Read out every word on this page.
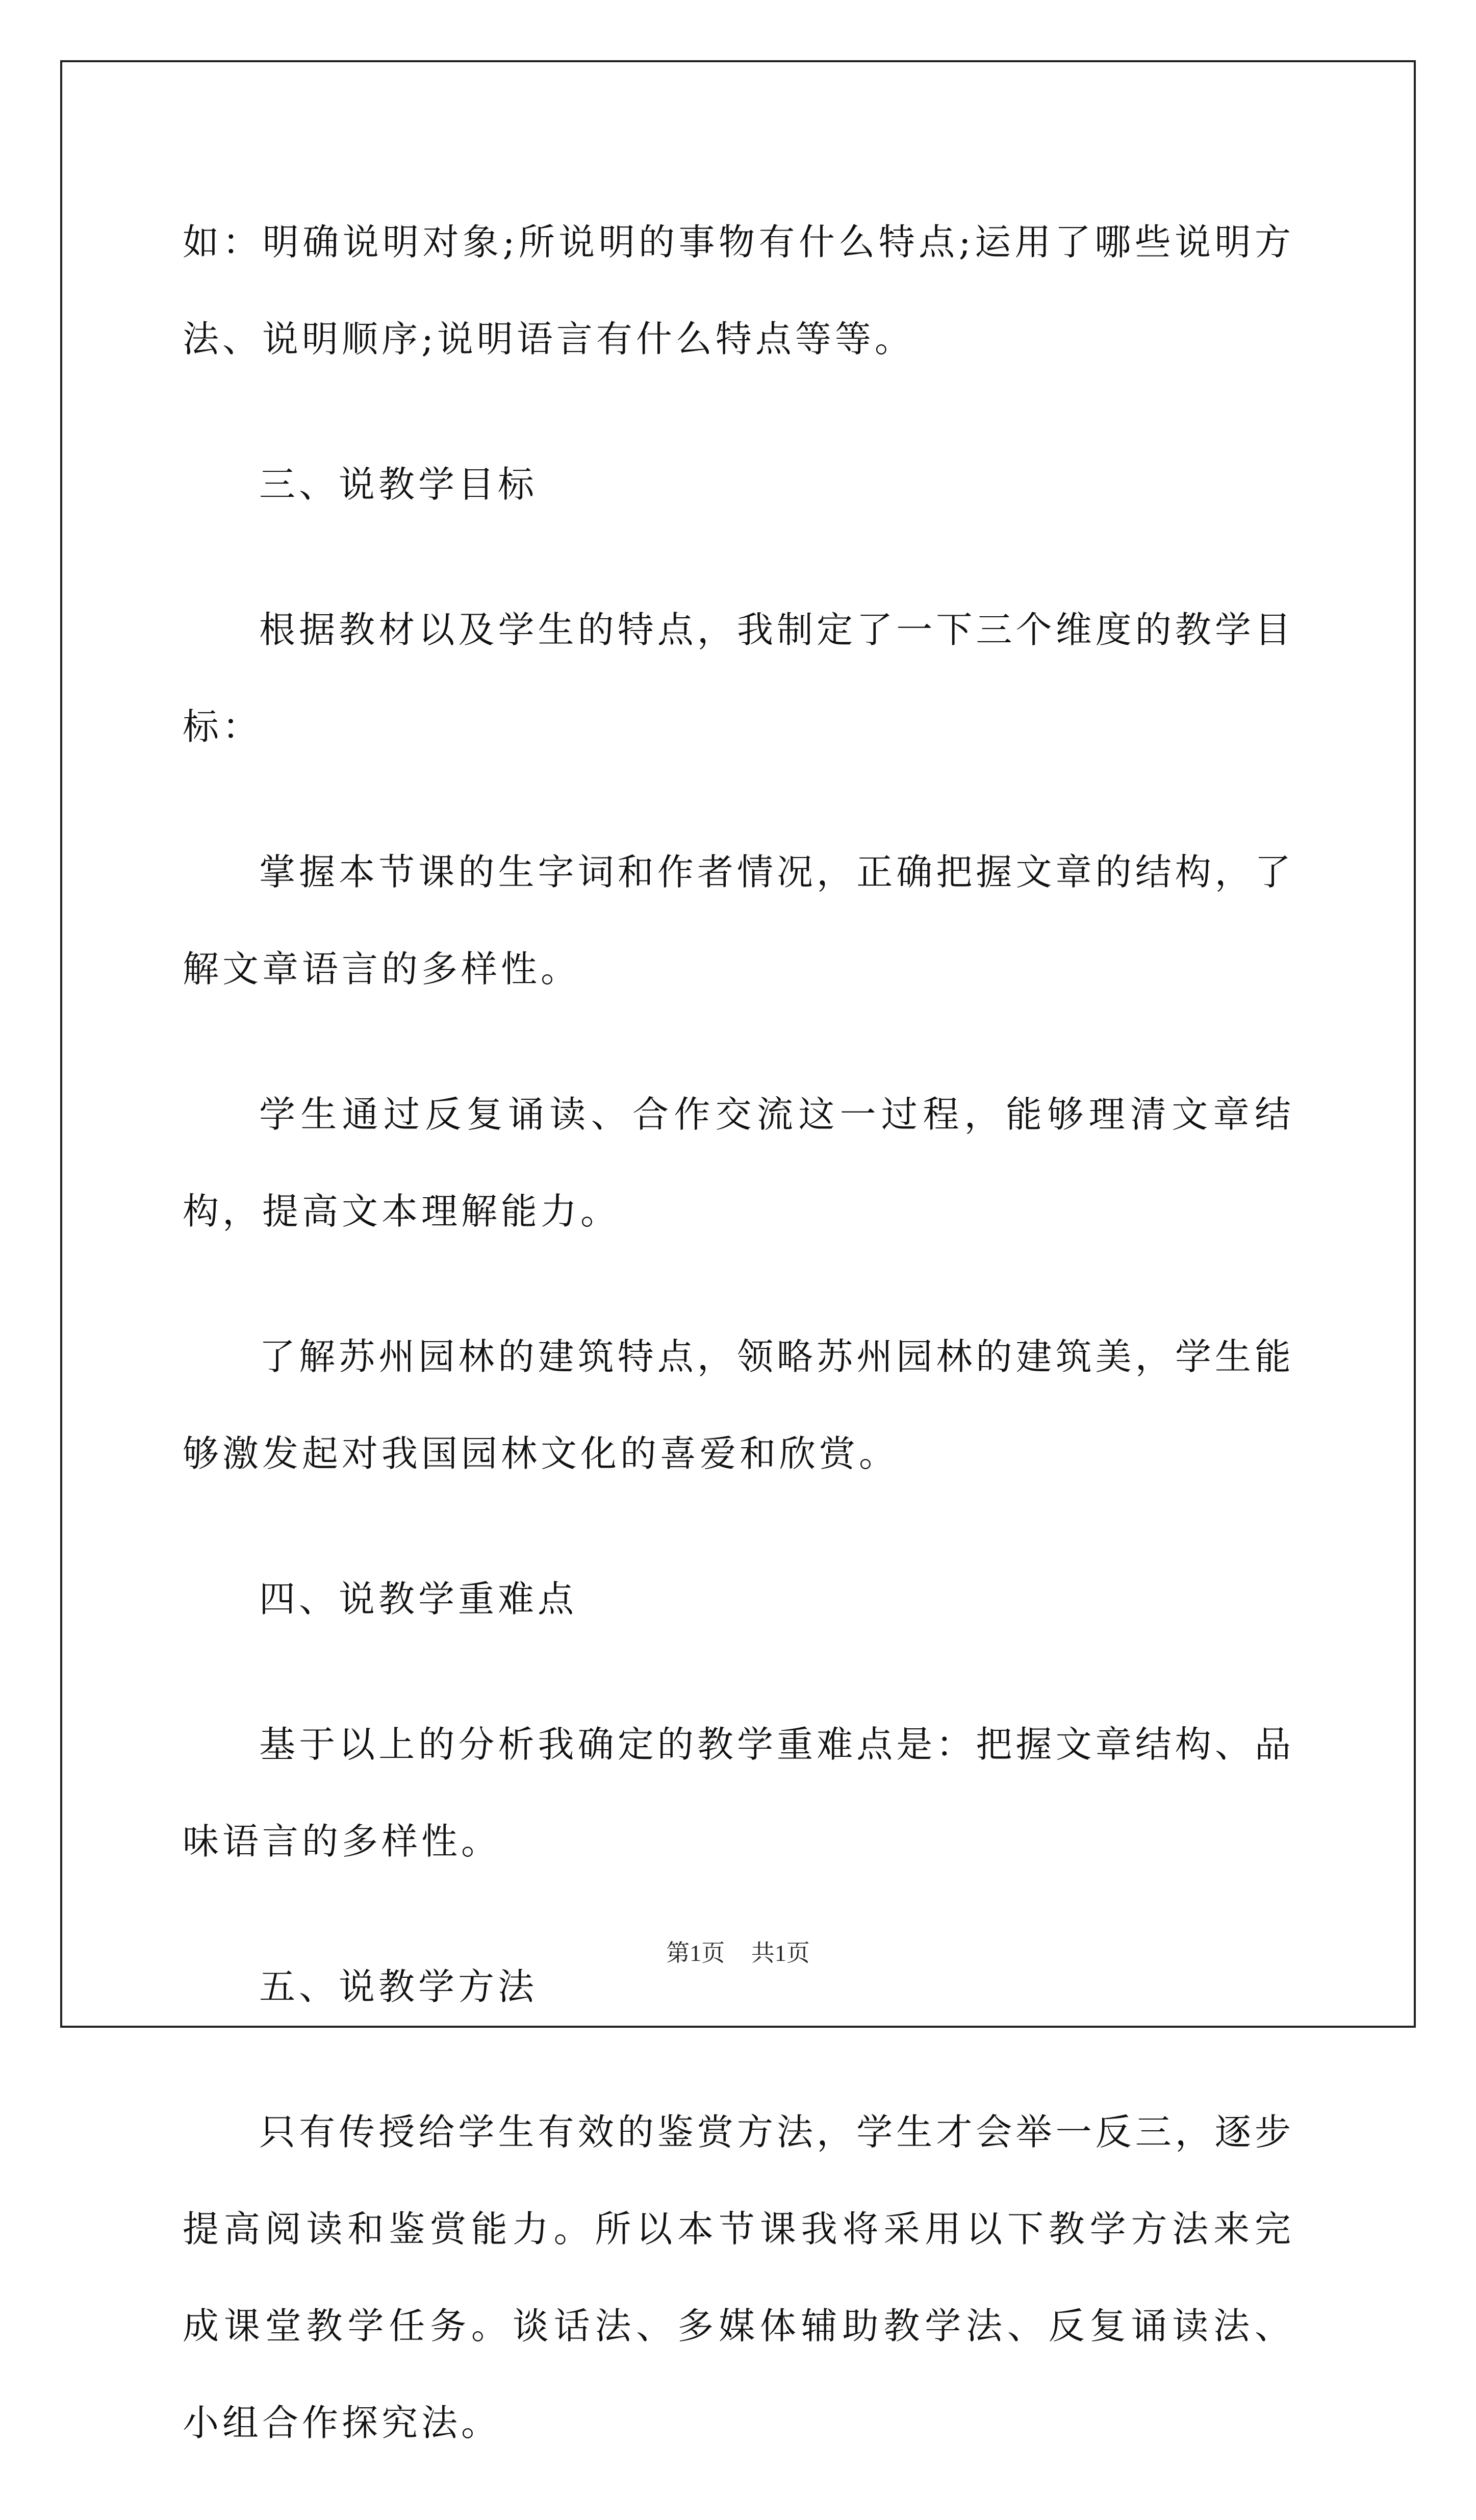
如：明确说明对象;所说明的事物有什么特点;运用了哪些说明方法、说明顺序;说明语言有什么特点等等。

三、说教学目标

根据教材以及学生的特点，我制定了一下三个维度的教学目标：

掌握本节课的生字词和作者情况，正确把握文章的结构，了解文章语言的多样性。

学生通过反复诵读、合作交流这一过程，能够理清文章结构，提高文本理解能力。

了解苏州园林的建筑特点，领略苏州园林的建筑美，学生能够激发起对我国园林文化的喜爱和欣赏。

四、说教学重难点

基于以上的分析我确定的教学重难点是：把握文章结构、品味语言的多样性。

五、说教学方法

只有传授给学生有效的鉴赏方法，学生才会举一反三，逐步提高阅读和鉴赏能力。所以本节课我将采用以下教学方法来完成课堂教学任务。谈话法、多媒体辅助教学法、反复诵读法、小组合作探究法。

第1页 共1页
